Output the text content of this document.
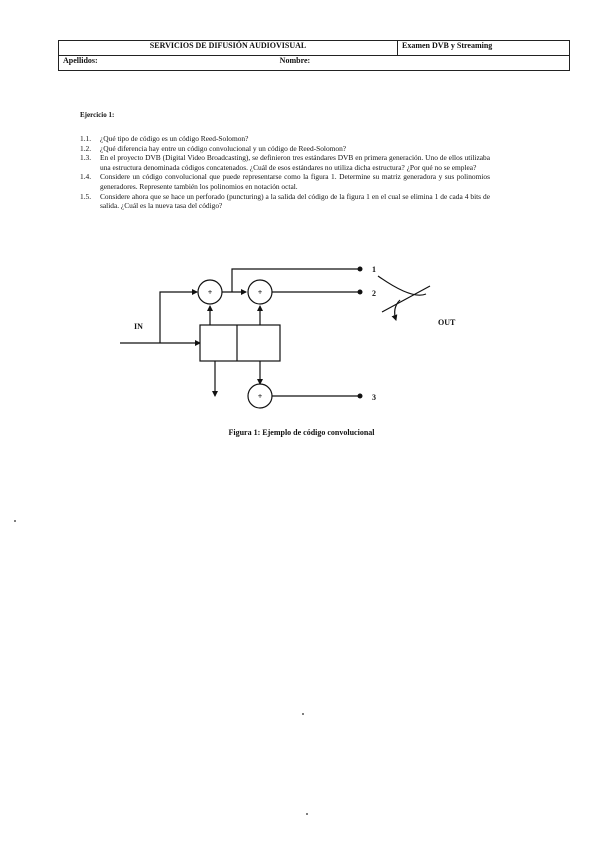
SERVICIOS DE DIFUSIÓN AUDIOVISUAL	Examen DVB y Streaming
Apellidos:	Nombre:
Ejercicio 1:
1.1. ¿Qué tipo de código es un código Reed-Solomon?
1.2. ¿Qué diferencia hay entre un código convolucional y un código de Reed-Solomon?
1.3. En el proyecto DVB (Digital Video Broadcasting), se definieron tres estándares DVB en primera generación. Uno de ellos utilizaba una estructura denominada códigos concatenados. ¿Cuál de esos estándares no utiliza dicha estructura? ¿Por qué no se emplea?
1.4. Considere un código convolucional que puede representarse como la figura 1. Determine su matriz generadora y sus polinomios generadores. Represente también los polinomios en notación octal.
1.5. Considere ahora que se hace un perforado (puncturing) a la salida del código de la figura 1 en el cual se elimina 1 de cada 4 bits de salida. ¿Cuál es la nueva tasa del código?
+	+
+
IN	OUT
1
2
3
Figura 1: Ejemplo de código convolucional
